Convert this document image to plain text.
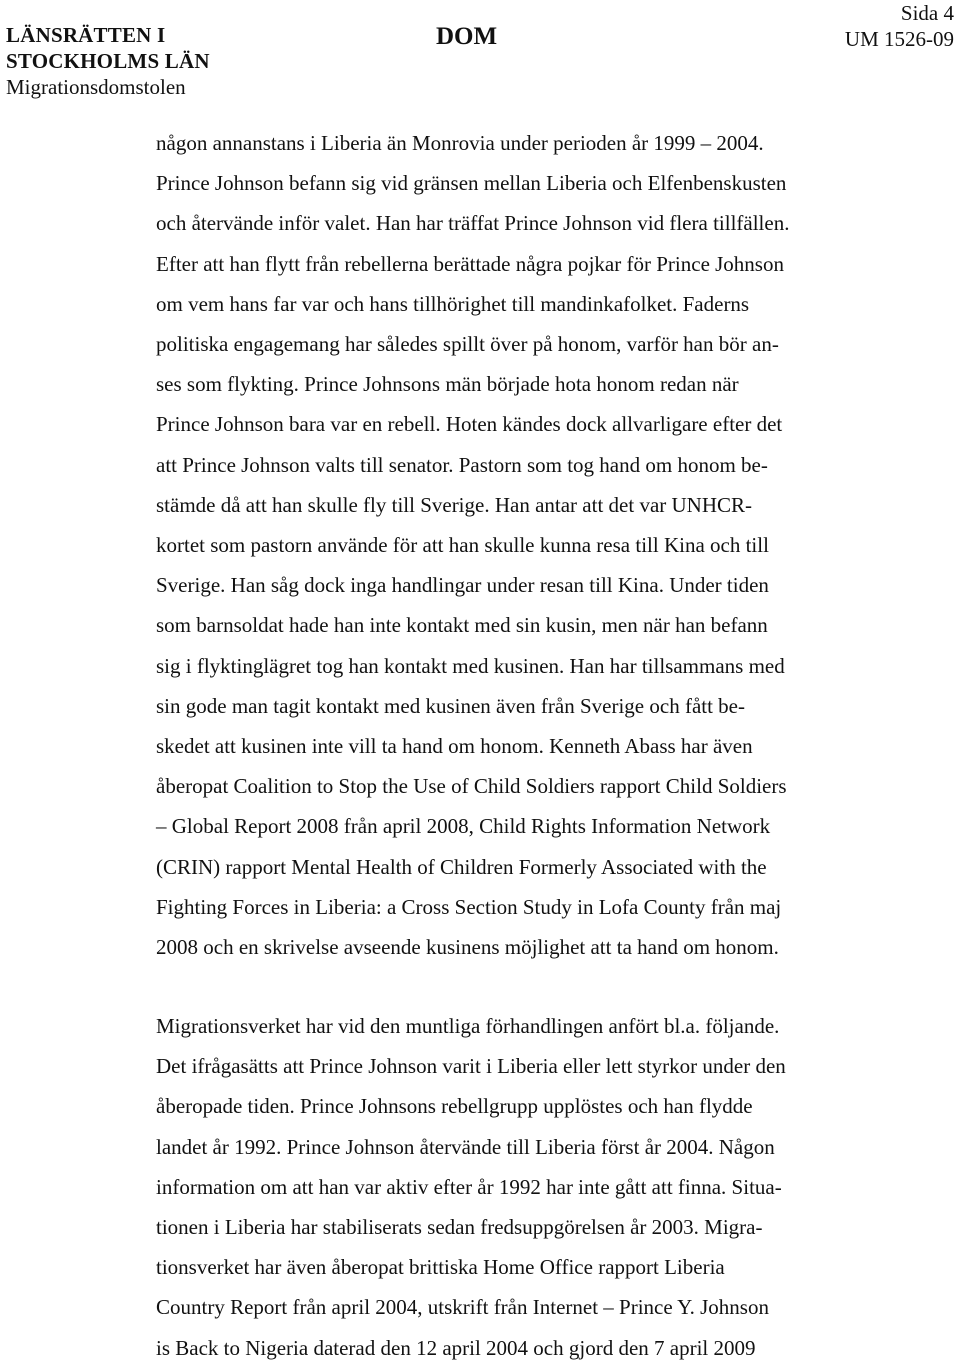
LÄNSRÄTTEN I
STOCKHOLMS LÄN
Migrationsdomstolen
DOM
Sida 4
UM 1526-09
någon annanstans i Liberia än Monrovia under perioden år 1999 – 2004.
Prince Johnson befann sig vid gränsen mellan Liberia och Elfenbenskusten
och återvände inför valet. Han har träffat Prince Johnson vid flera tillfällen.
Efter att han flytt från rebellerna berättade några pojkar för Prince Johnson
om vem hans far var och hans tillhörighet till mandinkafolket. Faderns
politiska engagemang har således spillt över på honom, varför han bör an-
ses som flykting. Prince Johnsons män började hota honom redan när
Prince Johnson bara var en rebell. Hoten kändes dock allvarligare efter det
att Prince Johnson valts till senator. Pastorn som tog hand om honom be-
stämde då att han skulle fly till Sverige. Han antar att det var UNHCR-
kortet som pastorn använde för att han skulle kunna resa till Kina och till
Sverige. Han såg dock inga handlingar under resan till Kina. Under tiden
som barnsoldat hade han inte kontakt med sin kusin, men när han befann
sig i flyktinglägret tog han kontakt med kusinen. Han har tillsammans med
sin gode man tagit kontakt med kusinen även från Sverige och fått be-
skedet att kusinen inte vill ta hand om honom. Kenneth Abass har även
åberopat Coalition to Stop the Use of Child Soldiers rapport Child Soldiers
– Global Report 2008 från april 2008, Child Rights Information Network
(CRIN) rapport Mental Health of Children Formerly Associated with the
Fighting Forces in Liberia: a Cross Section Study in Lofa County från maj
2008 och en skrivelse avseende kusinens möjlighet att ta hand om honom.
Migrationsverket har vid den muntliga förhandlingen anfört bl.a. följande.
Det ifrågasätts att Prince Johnson varit i Liberia eller lett styrkor under den
åberopade tiden. Prince Johnsons rebellgrupp upplöstes och han flydde
landet år 1992. Prince Johnson återvände till Liberia först år 2004. Någon
information om att han var aktiv efter år 1992 har inte gått att finna. Situa-
tionen i Liberia har stabiliserats sedan fredsuppgörelsen år 2003. Migra-
tionsverket har även åberopat brittiska Home Office rapport Liberia
Country Report från april 2004, utskrift från Internet – Prince Y. Johnson
is Back to Nigeria daterad den 12 april 2004 och gjord den 7 april 2009
